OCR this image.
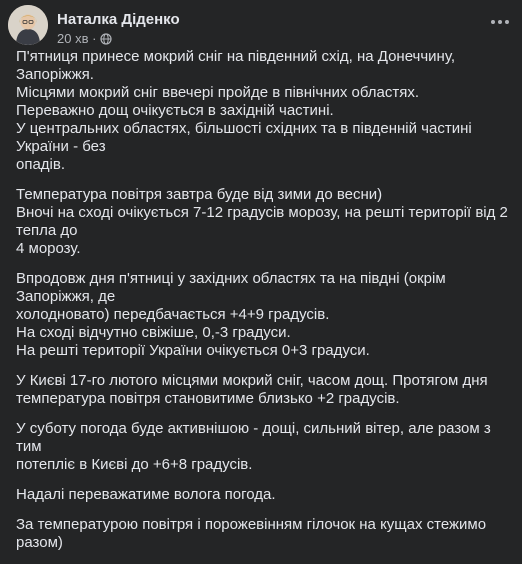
Наталка Діденко
20 хв ·
П'ятниця принесе мокрий сніг на південний схід, на Донеччину, Запоріжжя.
Місцями мокрий сніг ввечері пройде в північних областях.
Переважно дощ очікується в західній частині.
У центральних областях, більшості східних та в південній частині України - без
опадів.
Температура повітря завтра буде від зими до весни)
Вночі на сході очікується 7-12 градусів морозу, на решті території від 2 тепла до
4 морозу.
Впродовж дня п'ятниці у західних областях та на півдні (окрім Запоріжжя, де
холодновато) передбачається +4+9 градусів.
На сході відчутно свіжіше, 0,-3 градуси.
На решті території України очікується 0+3 градуси.
У Києві 17-го лютого місцями мокрий сніг, часом дощ. Протягом дня
температура повітря становитиме близько +2 градусів.
У суботу погода буде активнішою - дощі, сильний вітер, але разом з тим
потепліє в Києві до +6+8 градусів.
Надалі переважатиме волога погода.
За температурою повітря і порожевінням гілочок на кущах стежимо разом)
